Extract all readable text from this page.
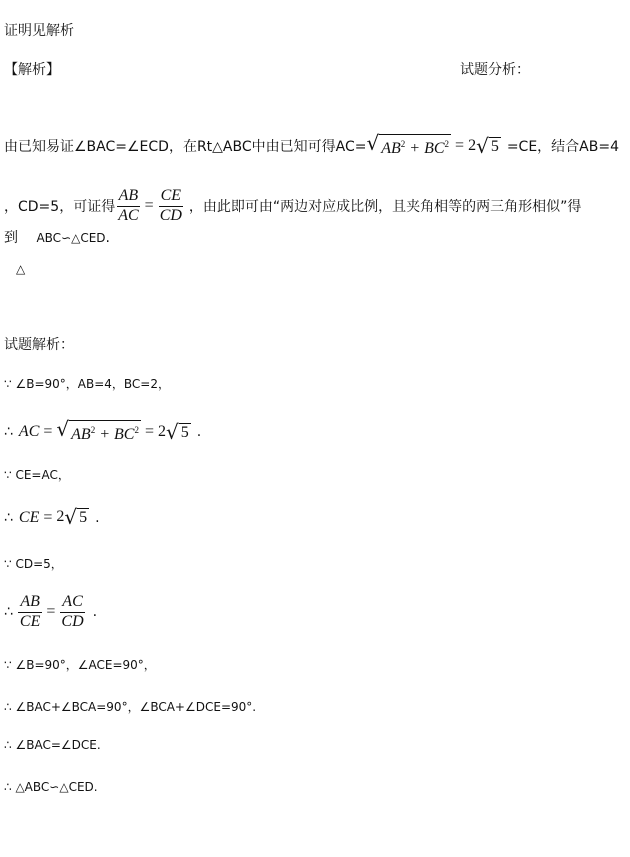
证明见解析
【解析】	试题分析：
由已知易证∠BAC=∠ECD，在Rt△ABC中由已知可得AC= √ $AB^2 + BC^2 = 2$ √ 5 =CE，结合AB=4
，CD=5，可证得 $\frac{AB}{AC} = \frac{CE}{CD}$ ，由此即可由“两边对应成比例，且夹角相等的两三角形相似”得
到 ABC∽△CED.
△
试题解析：
∵ ∠B=90°，AB=4，BC=2，
∴ AC = √ $AB^2 + BC^2 = 2$ √ 5 .
∵ CE=AC，
∴ CE = 2 √ 5 .
∵ CD=5，
∴ $\frac{AB}{CE} = \frac{AC}{CD}$ .
∵ ∠B=90°，∠ACE=90°，
∴ ∠BAC+∠BCA=90°，∠BCA+∠DCE=90°.
∴ ∠BAC=∠DCE.
∴ △ABC∽△CED.
